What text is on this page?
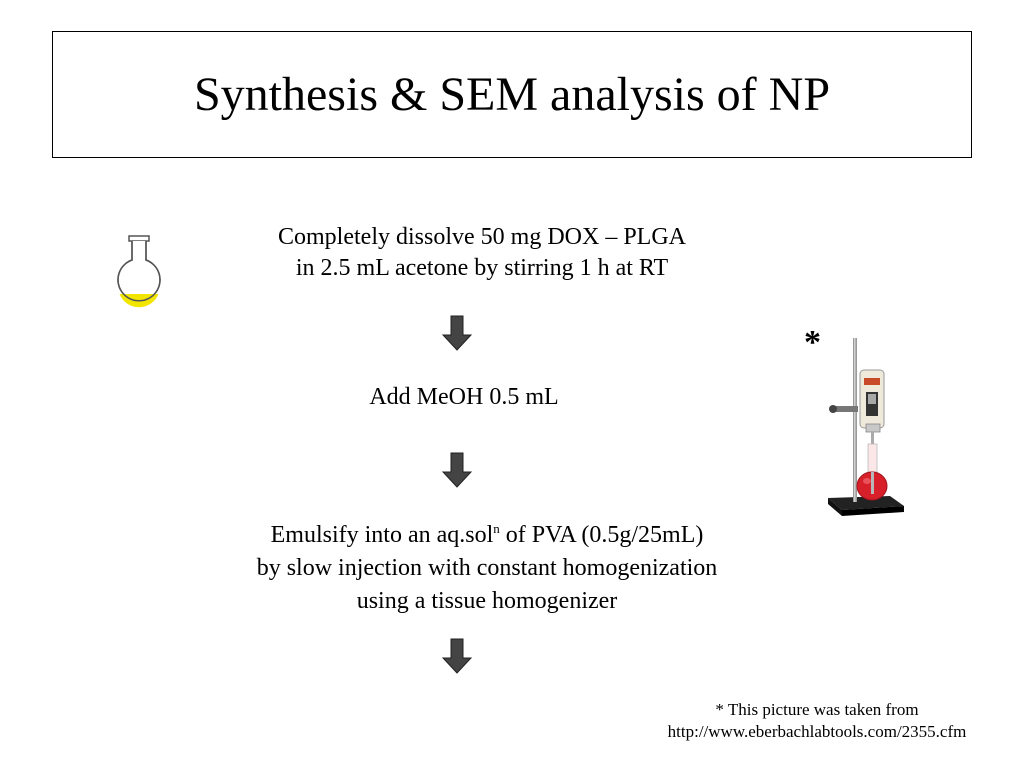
Synthesis & SEM analysis of NP
Completely dissolve 50 mg DOX – PLGA
in 2.5 mL acetone by stirring 1 h at RT
Add MeOH 0.5 mL
Emulsify into an aq.sol$^n$ of PVA (0.5g/25mL)
by slow injection with constant homogenization
using a tissue homogenizer
*
* This picture was taken from
http://www.eberbachlabtools.com/2355.cfm
